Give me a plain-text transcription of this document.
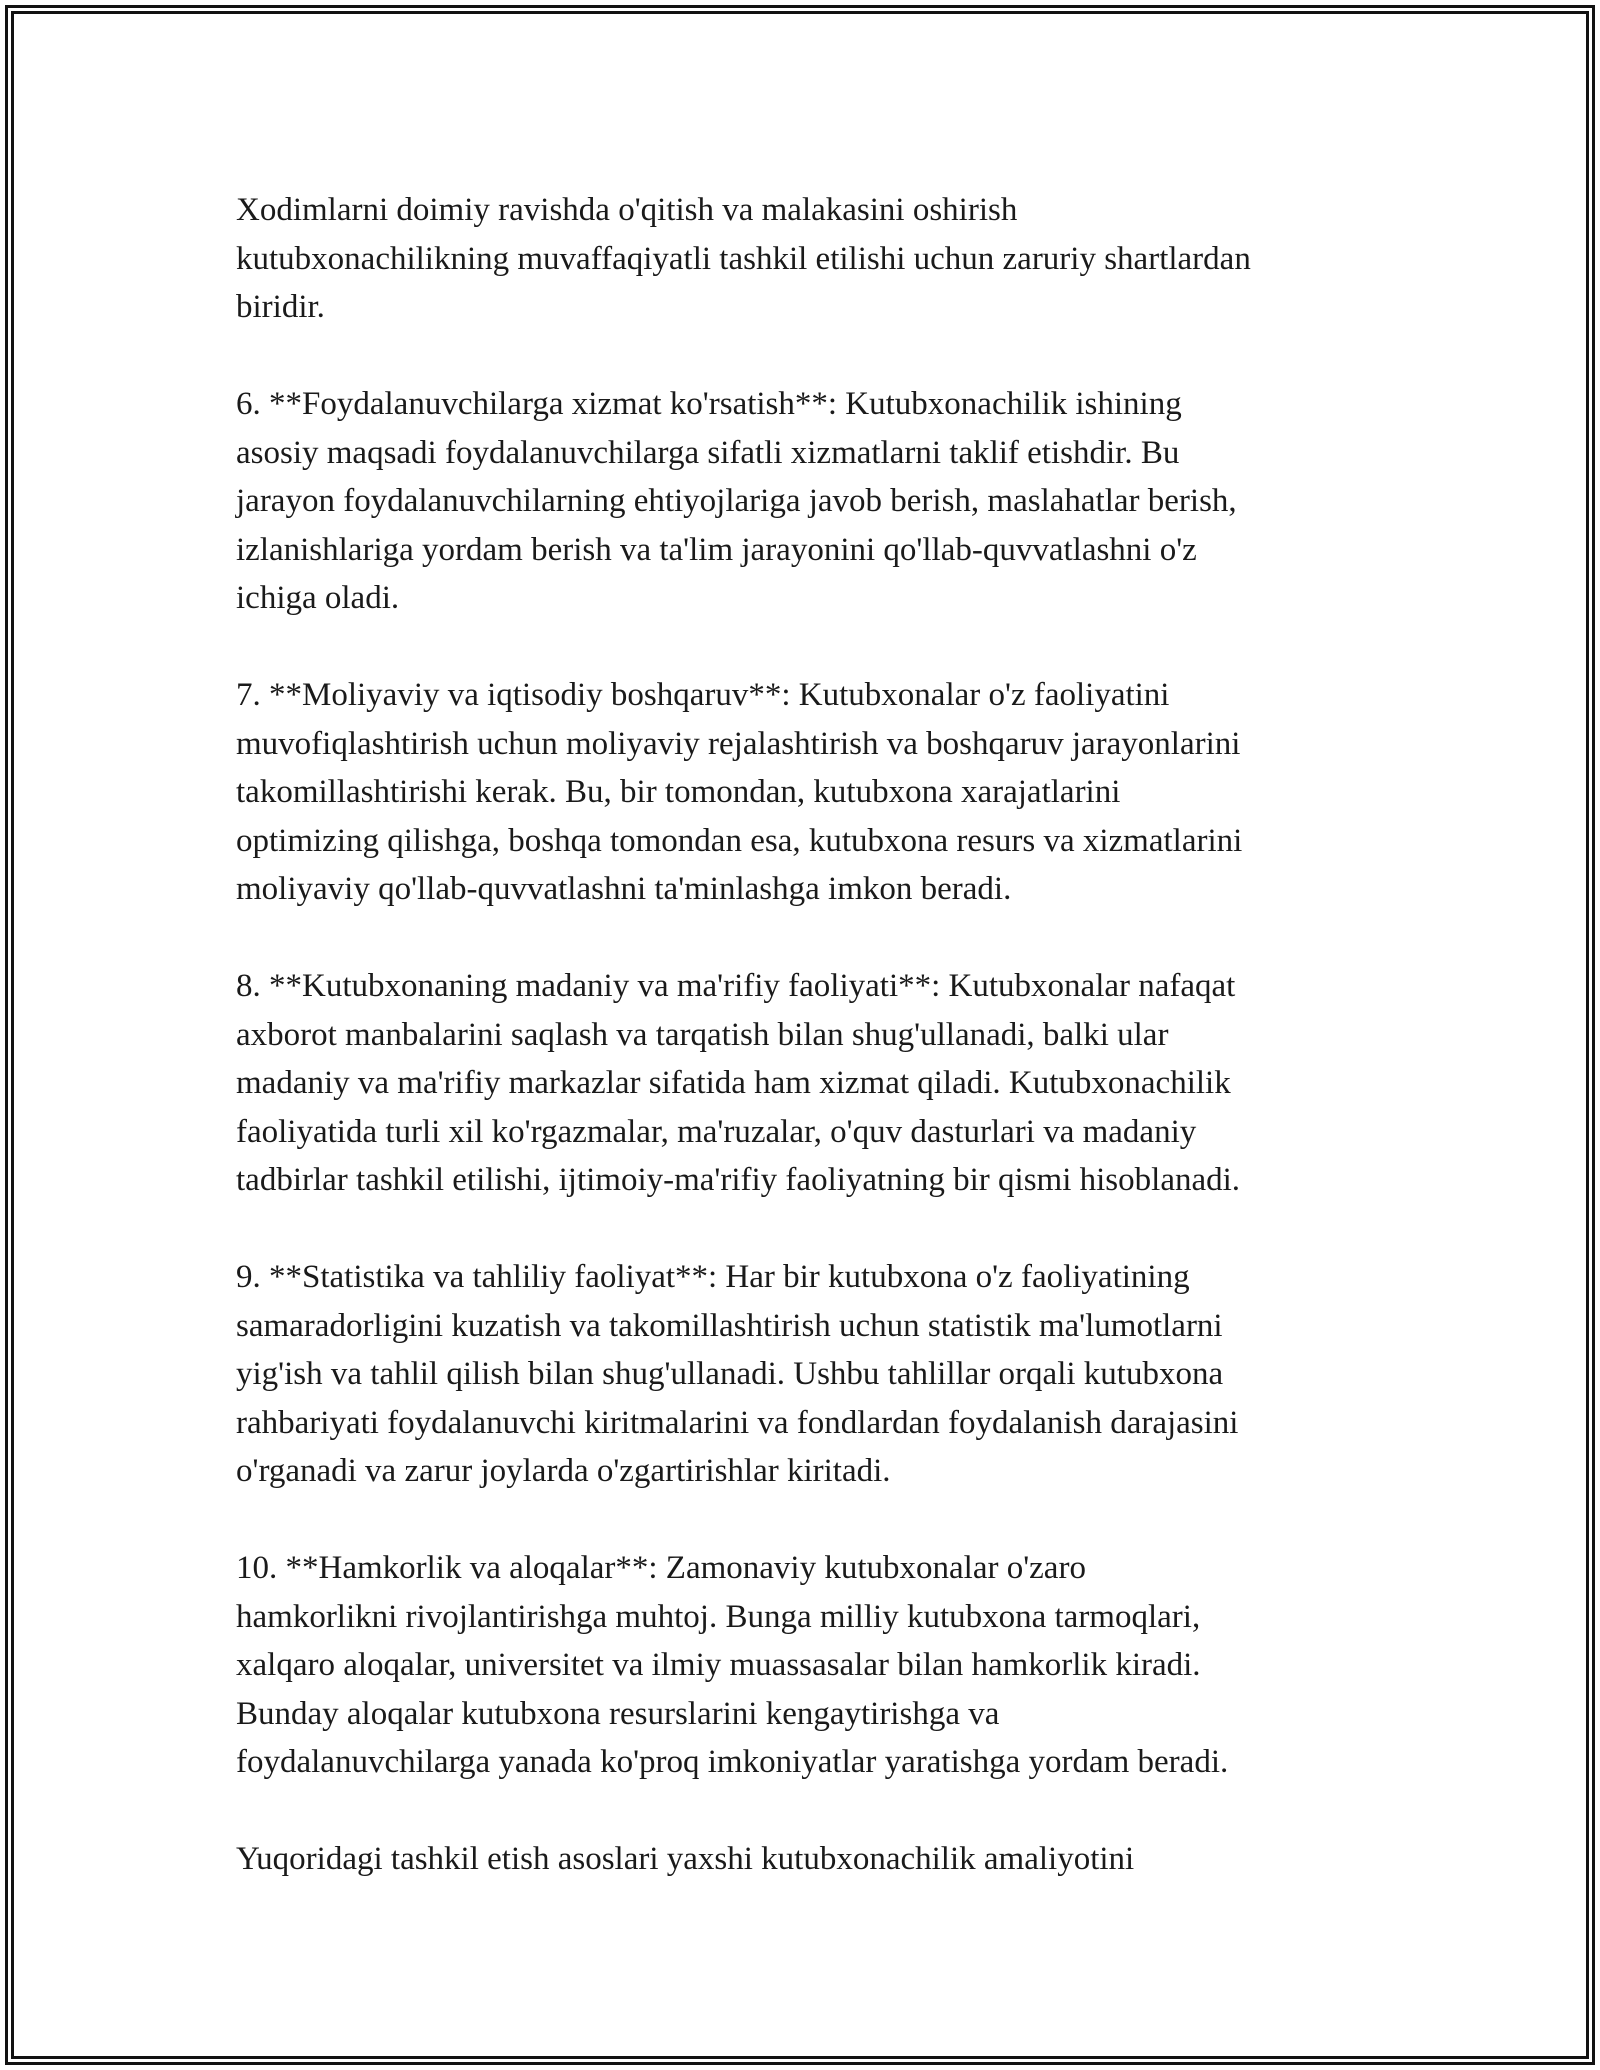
Xodimlarni doimiy ravishda o'qitish va malakasini oshirish
kutubxonachilikning muvaffaqiyatli tashkil etilishi uchun zaruriy shartlardan
biridir.

6. **Foydalanuvchilarga xizmat ko'rsatish**: Kutubxonachilik ishining
asosiy maqsadi foydalanuvchilarga sifatli xizmatlarni taklif etishdir. Bu
jarayon foydalanuvchilarning ehtiyojlariga javob berish, maslahatlar berish,
izlanishlariga yordam berish va ta'lim jarayonini qo'llab-quvvatlashni o'z
ichiga oladi.

7. **Moliyaviy va iqtisodiy boshqaruv**: Kutubxonalar o'z faoliyatini
muvofiqlashtirish uchun moliyaviy rejalashtirish va boshqaruv jarayonlarini
takomillashtirishi kerak. Bu, bir tomondan, kutubxona xarajatlarini
optimizing qilishga, boshqa tomondan esa, kutubxona resurs va xizmatlarini
moliyaviy qo'llab-quvvatlashni ta'minlashga imkon beradi.

8. **Kutubxonaning madaniy va ma'rifiy faoliyati**: Kutubxonalar nafaqat
axborot manbalarini saqlash va tarqatish bilan shug'ullanadi, balki ular
madaniy va ma'rifiy markazlar sifatida ham xizmat qiladi. Kutubxonachilik
faoliyatida turli xil ko'rgazmalar, ma'ruzalar, o'quv dasturlari va madaniy
tadbirlar tashkil etilishi, ijtimoiy-ma'rifiy faoliyatning bir qismi hisoblanadi.

9. **Statistika va tahliliy faoliyat**: Har bir kutubxona o'z faoliyatining
samaradorligini kuzatish va takomillashtirish uchun statistik ma'lumotlarni
yig'ish va tahlil qilish bilan shug'ullanadi. Ushbu tahlillar orqali kutubxona
rahbariyati foydalanuvchi kiritmalarini va fondlardan foydalanish darajasini
o'rganadi va zarur joylarda o'zgartirishlar kiritadi.

10. **Hamkorlik va aloqalar**: Zamonaviy kutubxonalar o'zaro
hamkorlikni rivojlantirishga muhtoj. Bunga milliy kutubxona tarmoqlari,
xalqaro aloqalar, universitet va ilmiy muassasalar bilan hamkorlik kiradi.
Bunday aloqalar kutubxona resurslarini kengaytirishga va
foydalanuvchilarga yanada ko'proq imkoniyatlar yaratishga yordam beradi.

Yuqoridagi tashkil etish asoslari yaxshi kutubxonachilik amaliyotini
